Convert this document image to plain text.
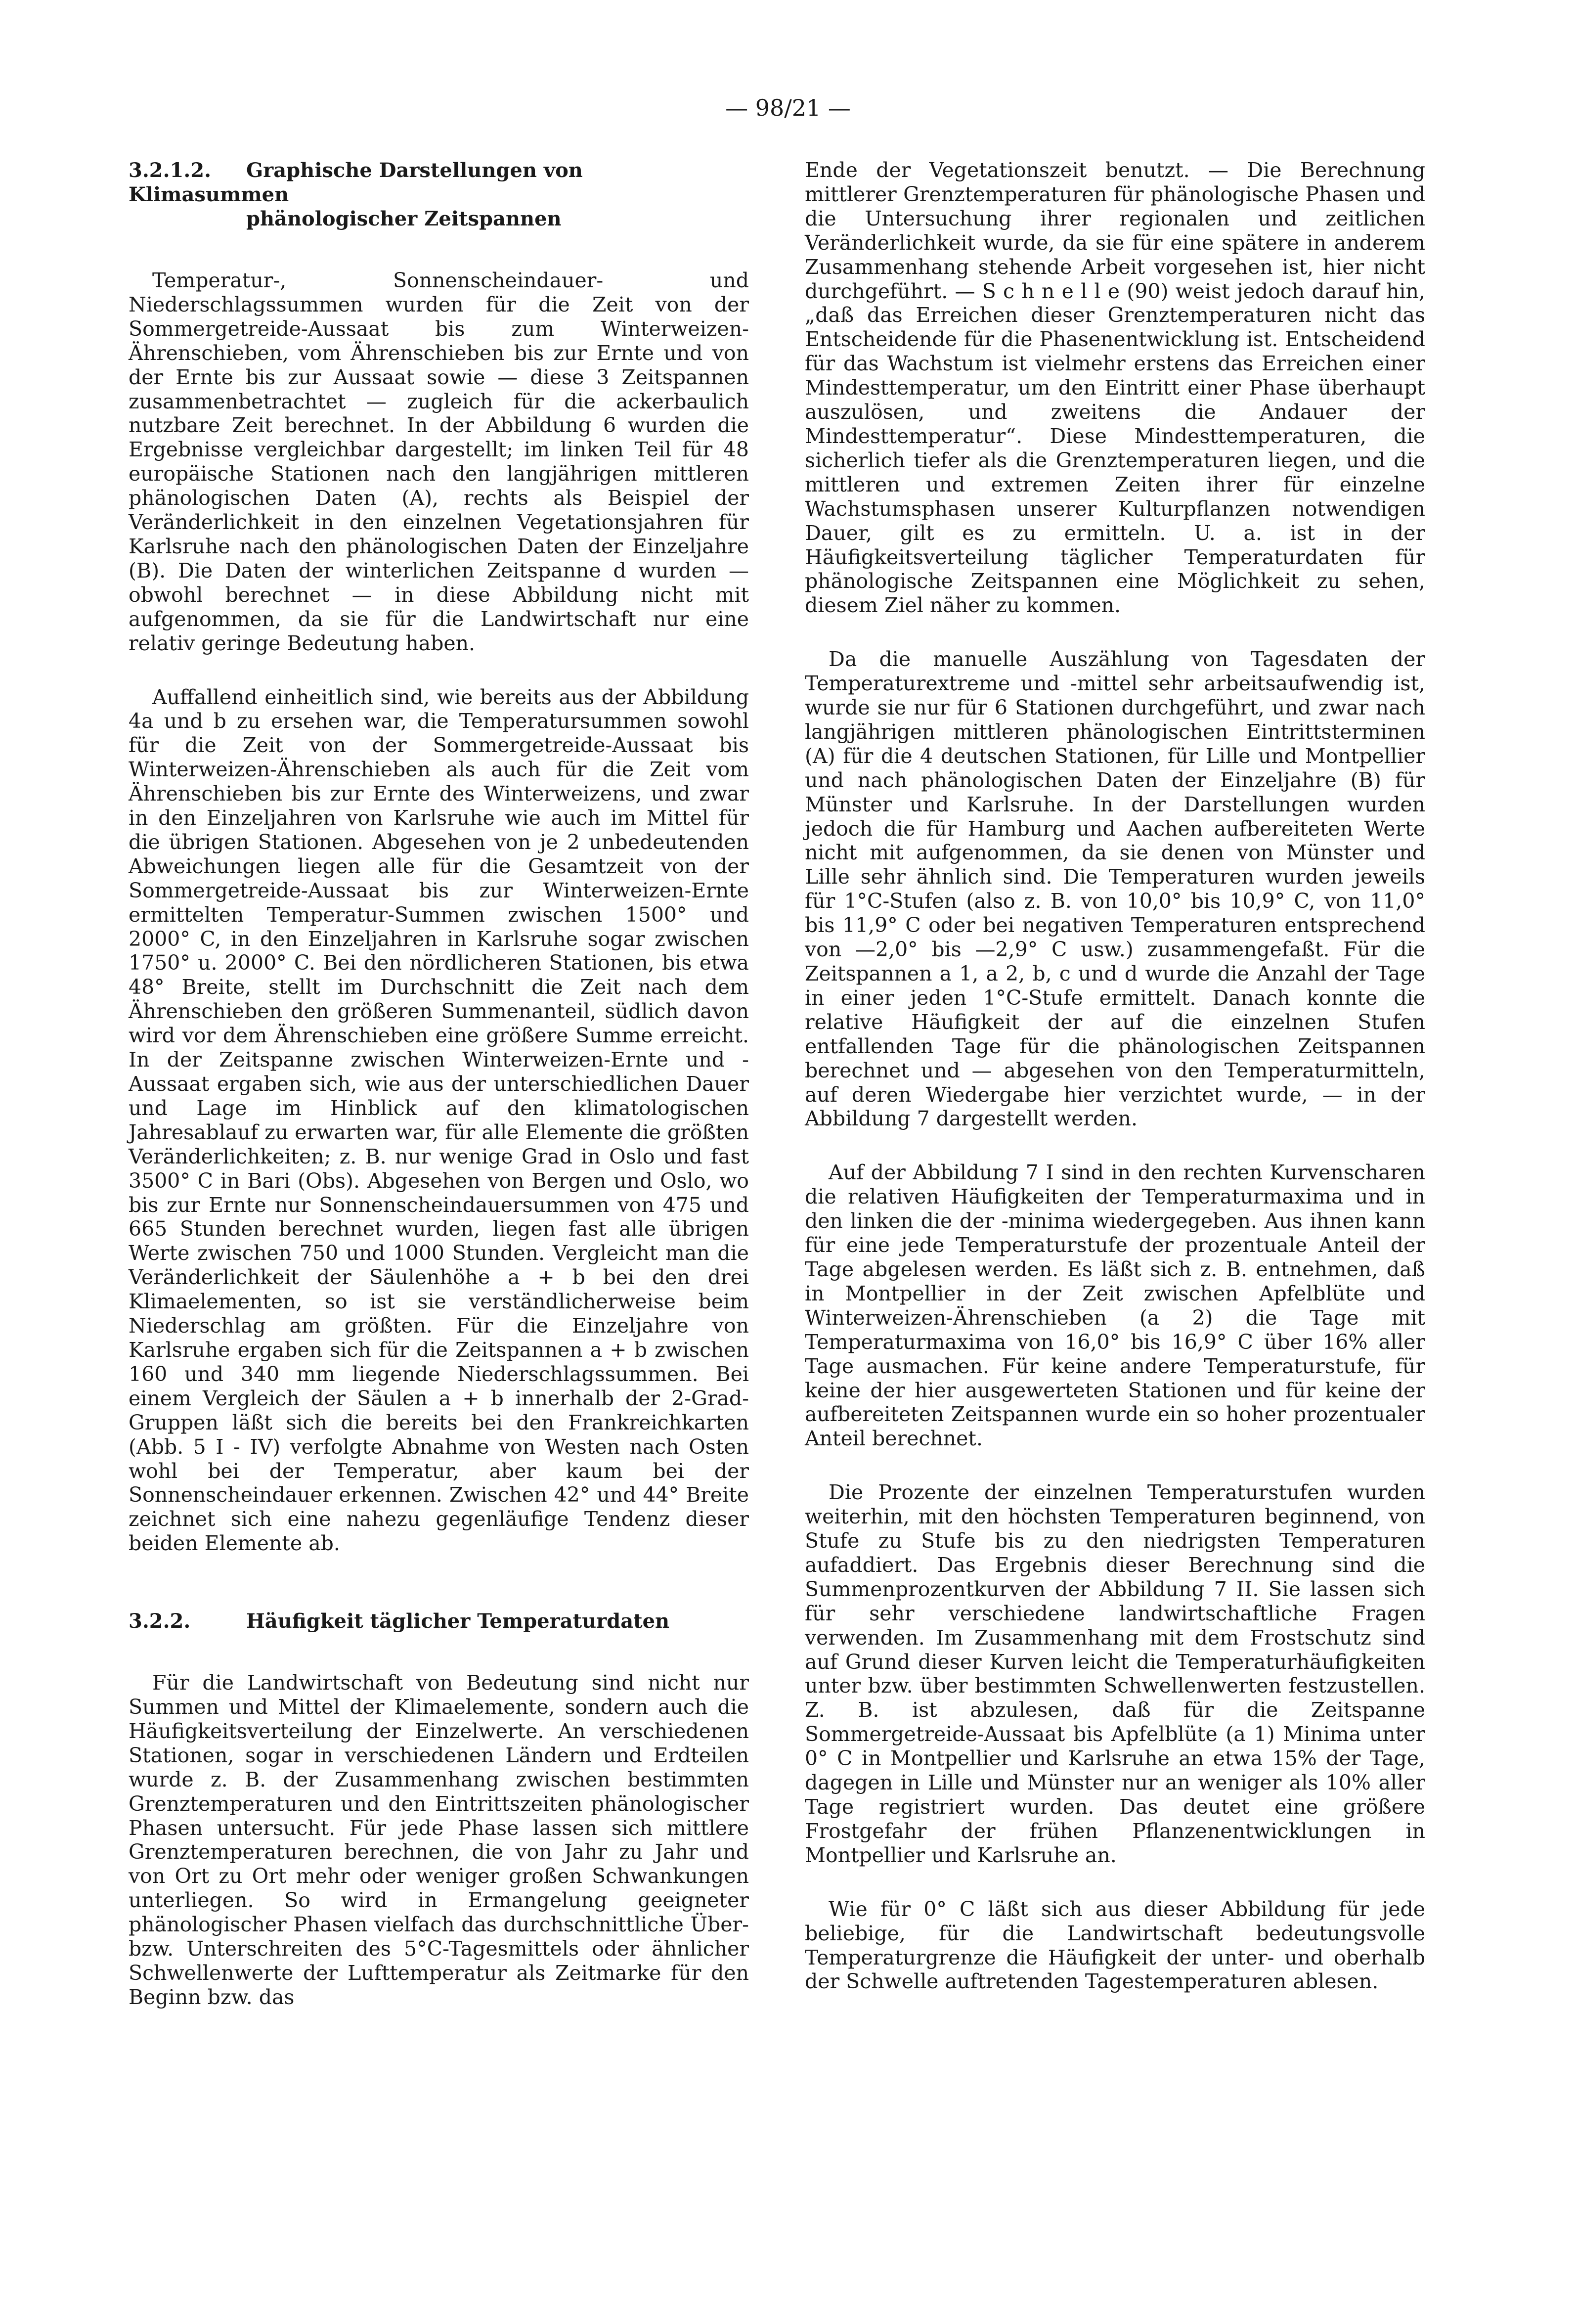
— 98/21 —
3.2.1.2. Graphische Darstellungen von Klimasummen
phänologischer Zeitspannen

Temperatur-, Sonnenscheindauer- und Niederschlagssummen wurden für die Zeit von der Sommergetreide-Aussaat bis zum Winterweizen-Ährenschieben, vom Ährenschieben bis zur Ernte und von der Ernte bis zur Aussaat sowie — diese 3 Zeitspannen zusammenbetrachtet — zugleich für die ackerbaulich nutzbare Zeit berechnet. In der Abbildung 6 wurden die Ergebnisse vergleichbar dargestellt; im linken Teil für 48 europäische Stationen nach den langjährigen mittleren phänologischen Daten (A), rechts als Beispiel der Veränderlichkeit in den einzelnen Vegetationsjahren für Karlsruhe nach den phänologischen Daten der Einzeljahre (B). Die Daten der winterlichen Zeitspanne d wurden — obwohl berechnet — in diese Abbildung nicht mit aufgenommen, da sie für die Landwirtschaft nur eine relativ geringe Bedeutung haben.

Auffallend einheitlich sind, wie bereits aus der Abbildung 4a und b zu ersehen war, die Temperatursummen sowohl für die Zeit von der Sommergetreide-Aussaat bis Winterweizen-Ährenschieben als auch für die Zeit vom Ährenschieben bis zur Ernte des Winterweizens, und zwar in den Einzeljahren von Karlsruhe wie auch im Mittel für die übrigen Stationen. Abgesehen von je 2 unbedeutenden Abweichungen liegen alle für die Gesamtzeit von der Sommergetreide-Aussaat bis zur Winterweizen-Ernte ermittelten Temperatur-Summen zwischen 1500° und 2000° C, in den Einzeljahren in Karlsruhe sogar zwischen 1750° u. 2000° C. Bei den nördlicheren Stationen, bis etwa 48° Breite, stellt im Durchschnitt die Zeit nach dem Ährenschieben den größeren Summenanteil, südlich davon wird vor dem Ährenschieben eine größere Summe erreicht. In der Zeitspanne zwischen Winterweizen-Ernte und -Aussaat ergaben sich, wie aus der unterschiedlichen Dauer und Lage im Hinblick auf den klimatologischen Jahresablauf zu erwarten war, für alle Elemente die größten Veränderlichkeiten; z. B. nur wenige Grad in Oslo und fast 3500° C in Bari (Obs). Abgesehen von Bergen und Oslo, wo bis zur Ernte nur Sonnenscheindauersummen von 475 und 665 Stunden berechnet wurden, liegen fast alle übrigen Werte zwischen 750 und 1000 Stunden. Vergleicht man die Veränderlichkeit der Säulenhöhe a + b bei den drei Klimaelementen, so ist sie verständlicherweise beim Niederschlag am größten. Für die Einzeljahre von Karlsruhe ergaben sich für die Zeitspannen a + b zwischen 160 und 340 mm liegende Niederschlagssummen. Bei einem Vergleich der Säulen a + b innerhalb der 2-Grad-Gruppen läßt sich die bereits bei den Frankreichkarten (Abb. 5 I - IV) verfolgte Abnahme von Westen nach Osten wohl bei der Temperatur, aber kaum bei der Sonnenscheindauer erkennen. Zwischen 42° und 44° Breite zeichnet sich eine nahezu gegenläufige Tendenz dieser beiden Elemente ab.

3.2.2.	Häufigkeit täglicher Temperaturdaten

Für die Landwirtschaft von Bedeutung sind nicht nur Summen und Mittel der Klimaelemente, sondern auch die Häufigkeitsverteilung der Einzelwerte. An verschiedenen Stationen, sogar in verschiedenen Ländern und Erdteilen wurde z. B. der Zusammenhang zwischen bestimmten Grenztemperaturen und den Eintrittszeiten phänologischer Phasen untersucht. Für jede Phase lassen sich mittlere Grenztemperaturen berechnen, die von Jahr zu Jahr und von Ort zu Ort mehr oder weniger großen Schwankungen unterliegen. So wird in Ermangelung geeigneter phänologischer Phasen vielfach das durchschnittliche Über- bzw. Unterschreiten des 5°C-Tagesmittels oder ähnlicher Schwellenwerte der Lufttemperatur als Zeitmarke für den Beginn bzw. das

Ende der Vegetationszeit benutzt. — Die Berechnung mittlerer Grenztemperaturen für phänologische Phasen und die Untersuchung ihrer regionalen und zeitlichen Veränderlichkeit wurde, da sie für eine spätere in anderem Zusammenhang stehende Arbeit vorgesehen ist, hier nicht durchgeführt. — S c h n e l l e (90) weist jedoch darauf hin, „daß das Erreichen dieser Grenztemperaturen nicht das Entscheidende für die Phasenentwicklung ist. Entscheidend für das Wachstum ist vielmehr erstens das Erreichen einer Mindesttemperatur, um den Eintritt einer Phase überhaupt auszulösen, und zweitens die Andauer der Mindesttemperatur“. Diese Mindesttemperaturen, die sicherlich tiefer als die Grenztemperaturen liegen, und die mittleren und extremen Zeiten ihrer für einzelne Wachstumsphasen unserer Kulturpflanzen notwendigen Dauer, gilt es zu ermitteln. U. a. ist in der Häufigkeitsverteilung täglicher Temperaturdaten für phänologische Zeitspannen eine Möglichkeit zu sehen, diesem Ziel näher zu kommen.

Da die manuelle Auszählung von Tagesdaten der Temperaturextreme und -mittel sehr arbeitsaufwendig ist, wurde sie nur für 6 Stationen durchgeführt, und zwar nach langjährigen mittleren phänologischen Eintrittsterminen (A) für die 4 deutschen Stationen, für Lille und Montpellier und nach phänologischen Daten der Einzeljahre (B) für Münster und Karlsruhe. In der Darstellungen wurden jedoch die für Hamburg und Aachen aufbereiteten Werte nicht mit aufgenommen, da sie denen von Münster und Lille sehr ähnlich sind. Die Temperaturen wurden jeweils für 1°C-Stufen (also z. B. von 10,0° bis 10,9° C, von 11,0° bis 11,9° C oder bei negativen Temperaturen entsprechend von —2,0° bis —2,9° C usw.) zusammengefaßt. Für die Zeitspannen a 1, a 2, b, c und d wurde die Anzahl der Tage in einer jeden 1°C-Stufe ermittelt. Danach konnte die relative Häufigkeit der auf die einzelnen Stufen entfallenden Tage für die phänologischen Zeitspannen berechnet und — abgesehen von den Temperaturmitteln, auf deren Wiedergabe hier verzichtet wurde, — in der Abbildung 7 dargestellt werden.

Auf der Abbildung 7 I sind in den rechten Kurvenscharen die relativen Häufigkeiten der Temperaturmaxima und in den linken die der -minima wiedergegeben. Aus ihnen kann für eine jede Temperaturstufe der prozentuale Anteil der Tage abgelesen werden. Es läßt sich z. B. entnehmen, daß in Montpellier in der Zeit zwischen Apfelblüte und Winterweizen-Ährenschieben (a 2) die Tage mit Temperaturmaxima von 16,0° bis 16,9° C über 16% aller Tage ausmachen. Für keine andere Temperaturstufe, für keine der hier ausgewerteten Stationen und für keine der aufbereiteten Zeitspannen wurde ein so hoher prozentualer Anteil berechnet.

Die Prozente der einzelnen Temperaturstufen wurden weiterhin, mit den höchsten Temperaturen beginnend, von Stufe zu Stufe bis zu den niedrigsten Temperaturen aufaddiert. Das Ergebnis dieser Berechnung sind die Summenprozentkurven der Abbildung 7 II. Sie lassen sich für sehr verschiedene landwirtschaftliche Fragen verwenden. Im Zusammenhang mit dem Frostschutz sind auf Grund dieser Kurven leicht die Temperaturhäufigkeiten unter bzw. über bestimmten Schwellenwerten festzustellen. Z. B. ist abzulesen, daß für die Zeitspanne Sommergetreide-Aussaat bis Apfelblüte (a 1) Minima unter 0° C in Montpellier und Karlsruhe an etwa 15% der Tage, dagegen in Lille und Münster nur an weniger als 10% aller Tage registriert wurden. Das deutet eine größere Frostgefahr der frühen Pflanzenentwicklungen in Montpellier und Karlsruhe an.

Wie für 0° C läßt sich aus dieser Abbildung für jede beliebige, für die Landwirtschaft bedeutungsvolle Temperaturgrenze die Häufigkeit der unter- und oberhalb der Schwelle auftretenden Tagestemperaturen ablesen.
